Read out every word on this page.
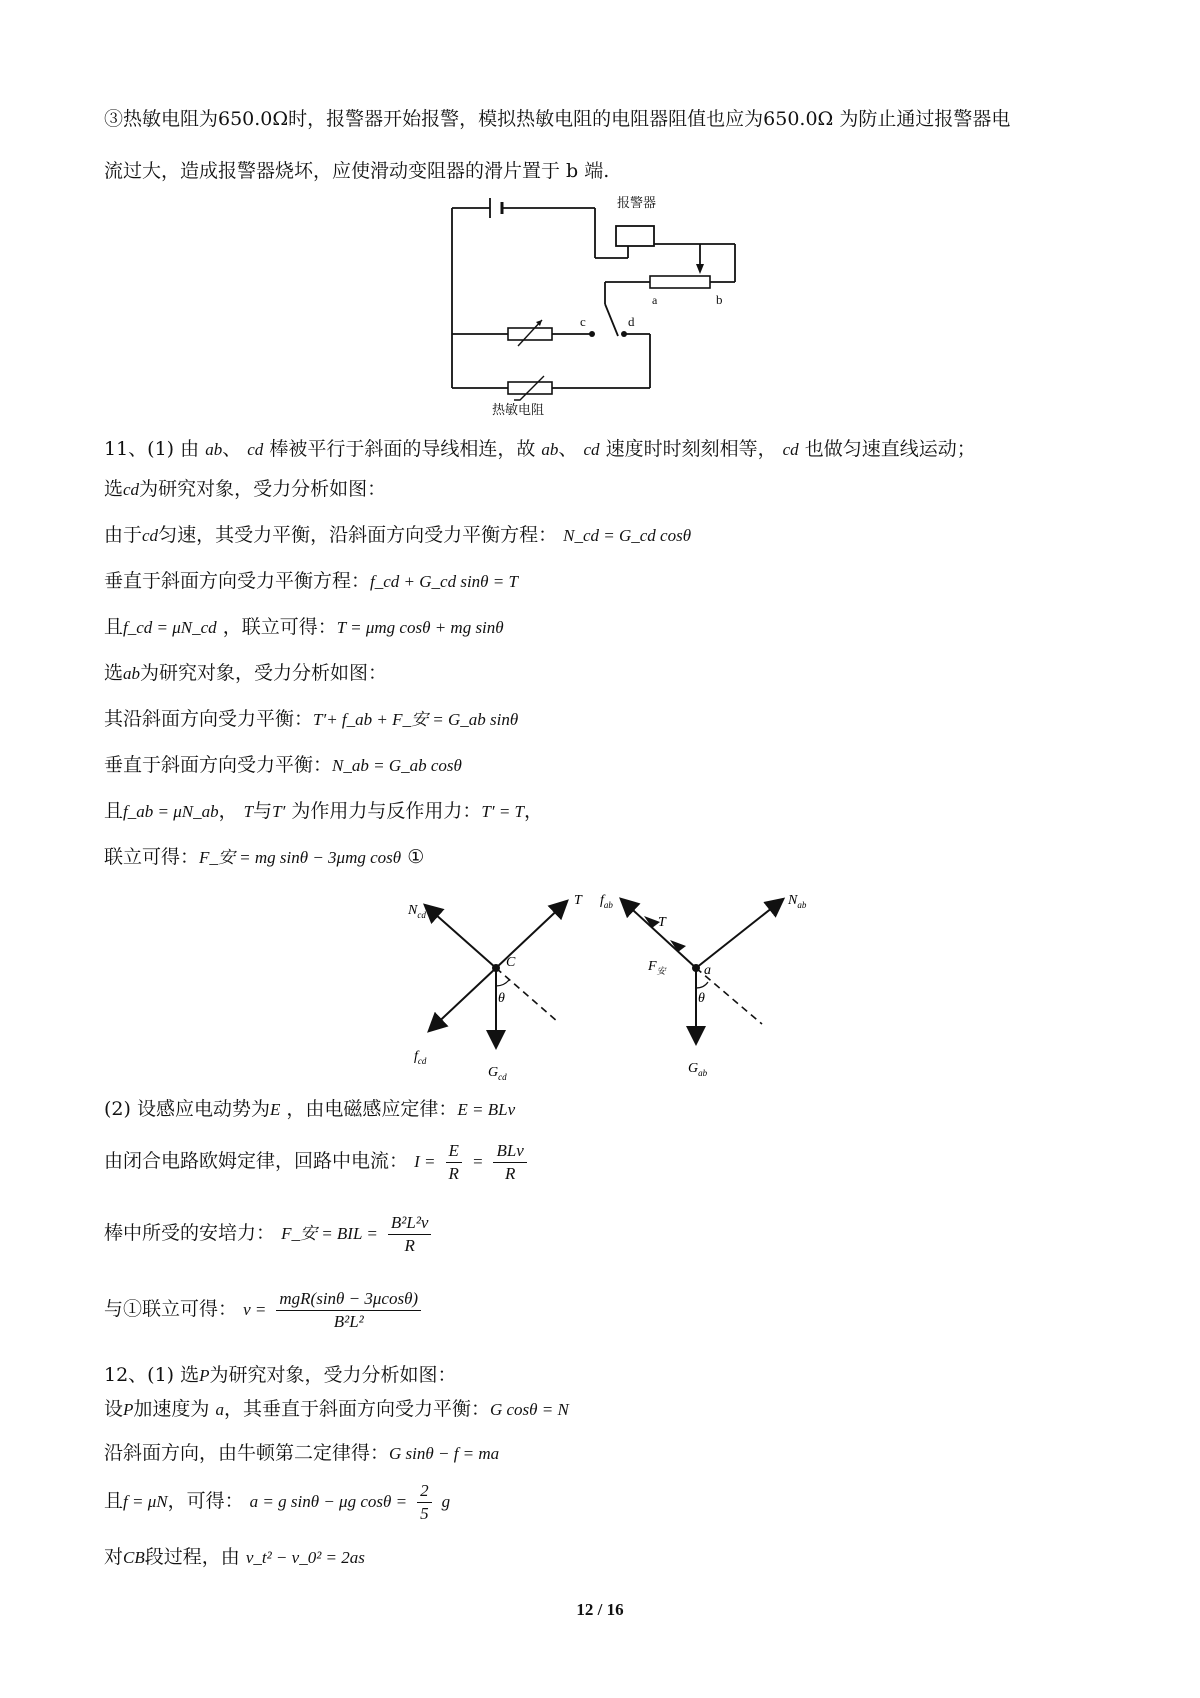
③热敏电阻为650.0Ω时，报警器开始报警，模拟热敏电阻的电阻器阻值也应为650.0Ω 为防止通过报警器电
流过大，造成报警器烧坏，应使滑动变阻器的滑片置于 b 端.
报警器
a	b
c	d
热敏电阻
11、(1) 由 ab、 cd 棒被平行于斜面的导线相连，故 ab、 cd 速度时时刻刻相等， cd 也做匀速直线运动；
选cd为研究对象，受力分析如图：
由于cd匀速，其受力平衡，沿斜面方向受力平衡方程： N_cd = G_cd cosθ
垂直于斜面方向受力平衡方程：f_cd + G_cd sinθ = T
且f_cd = μN_cd ，联立可得：T = μmg cosθ + mg sinθ
选ab为研究对象，受力分析如图：
其沿斜面方向受力平衡：T′+ f_ab + F_安 = G_ab sinθ
垂直于斜面方向受力平衡：N_ab = G_ab cosθ
且f_ab = μN_ab， T与T′ 为作用力与反作用力：T′ = T，
联立可得：F_安 = mg sinθ − 3μmg cosθ ①
$N_{cd}$
T
C
θ
$f_{cd}$
$G_{cd}$
$f_{ab}$
T
$N_{ab}$
$F_安$	a
θ
$G_{ab}$
(2) 设感应电动势为E ，由电磁感应定律：E = BLv
由闭合电路欧姆定律，回路中电流： $I = \frac{E}{R} = \frac{\text{BLv}}{R}$
棒中所受的安培力： F_安 = BIL = $\frac{\text{B²L²v}}{R}$
与①联立可得： $v = \frac{\text{mgR(sinθ − 3μcosθ)}}{\text{B²L²}}$
12、(1) 选P为研究对象，受力分析如图：
设P加速度为 a，其垂直于斜面方向受力平衡：G cosθ = N
沿斜面方向，由牛顿第二定律得：G sinθ − f = ma
且f = μN，可得： a = g sinθ − μg $\cos\theta = \frac{2}{5}$ g
对CB段过程，由 v_t² − v_0² = 2as
12 / 16
